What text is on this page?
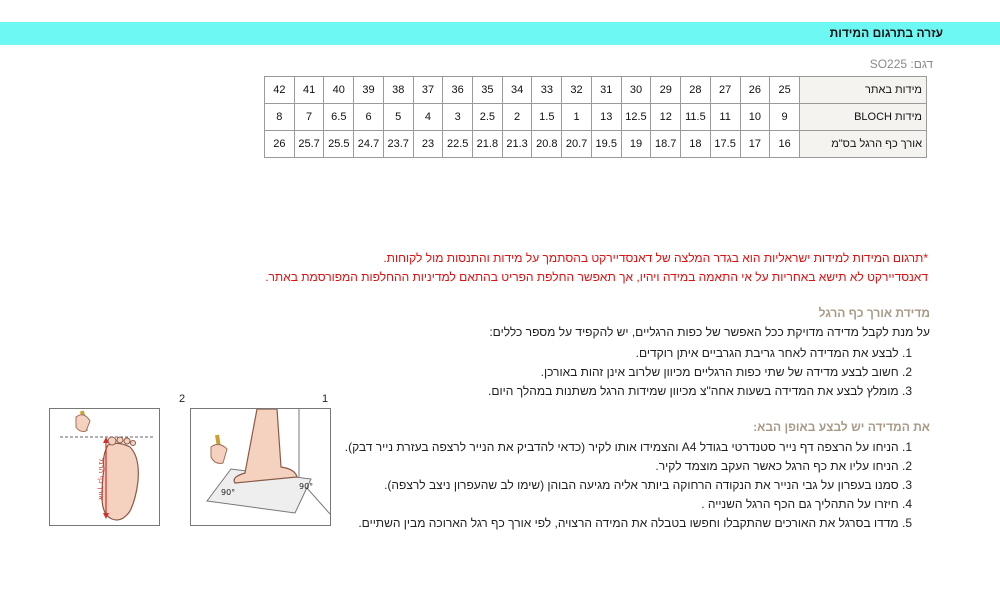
עזרה בתרגום המידות
דגם: SO225
42	41	40	39	38	37	36	35	34	33	32	31	30	29	28	27	26	25	מידות באתר
8	7	6.5	6	5	4	3	2.5	2	1.5	1	13	12.5	12	11.5	11	10	9	מידות BLOCH
26	25.7	25.5	24.7	23.7	23	22.5	21.8	21.3	20.8	20.7	19.5	19	18.7	18	17.5	17	16	אורך כף הרגל בס"מ
*תרגום המידות למידות ישראליות הוא בגדר המלצה של דאנסדיירקט בהסתמך על מידות והתנסות מול לקוחות.
דאנסדיירקט לא תישא באחריות על אי התאמה במידה ויהיו, אך תאפשר החלפת הפריט בהתאם למדיניות ההחלפות המפורסמת באתר.
מדידת אורך כף הרגל
על מנת לקבל מדידה מדויקת ככל האפשר של כפות הרגליים, יש להקפיד על מספר כללים:
1. לבצע את המדידה לאחר גריבת הגרביים איתן רוקדים.
2. חשוב לבצע מדידה של שתי כפות הרגליים מכיוון שלרוב אינן זהות באורכן.
3. מומלץ לבצע את המדידה בשעות אחה"צ מכיוון שמידות הרגל משתנות במהלך היום.
את המדידה יש לבצע באופן הבא:
1. הניחו על הרצפה דף נייר סטנדרטי בגודל A4 והצמידו אותו לקיר (כדאי להדביק את הנייר לרצפה בעזרת נייר דבק).
2. הניחו עליו את כף הרגל כאשר העקב מוצמד לקיר.
3. סמנו בעפרון על גבי הנייר את הנקודה הרחוקה ביותר אליה מגיעה הבוהן (שימו לב שהעפרון ניצב לרצפה).
4. חיזרו על התהליך גם הכף הרגל השנייה .
5. מדדו בסרגל את האורכים שהתקבלו וחפשו בטבלה את המידה הרצויה, לפי אורך כף רגל הארוכה מבין השתיים.
2
אורך כף הרגל
1
90°
90°
